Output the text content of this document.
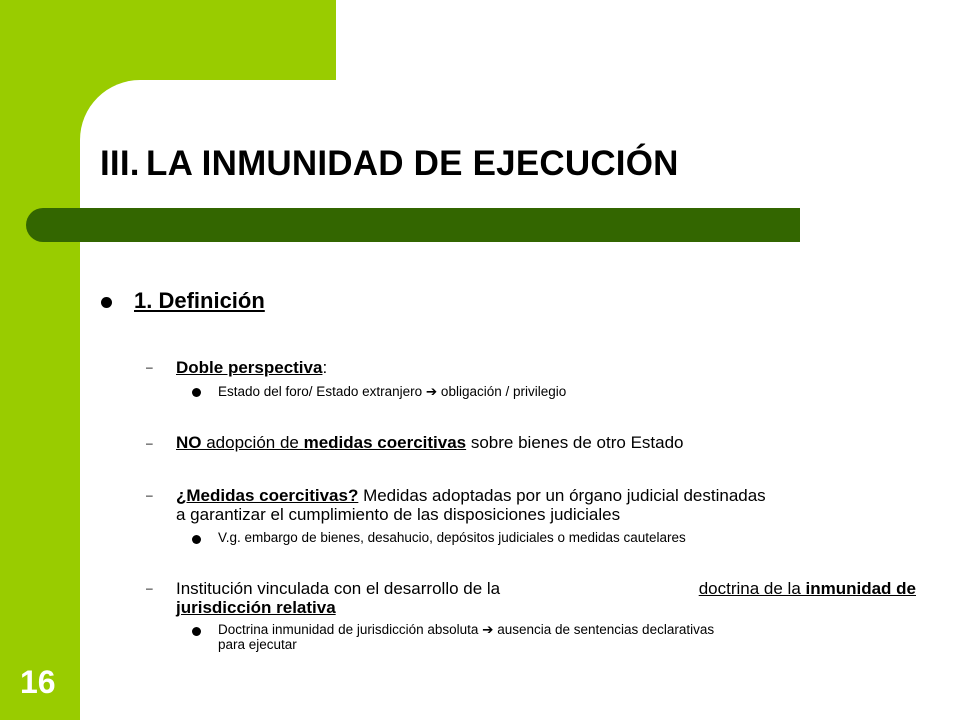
III. LA INMUNIDAD DE EJECUCIÓN
16
1. Definición
– Doble perspectiva:
Estado del foro/ Estado extranjero ➔ obligación / privilegio
– NO adopción de medidas coercitivas sobre bienes de otro Estado
– ¿Medidas coercitivas? Medidas adoptadas por un órgano judicial destinadas
a garantizar el cumplimiento de las disposiciones judiciales
V.g. embargo de bienes, desahucio, depósitos judiciales o medidas cautelares
– Institución vinculada con el desarrollo de la	doctrina de la inmunidad de
jurisdicción relativa
Doctrina inmunidad de jurisdicción absoluta ➔ ausencia de sentencias declarativas
para ejecutar
